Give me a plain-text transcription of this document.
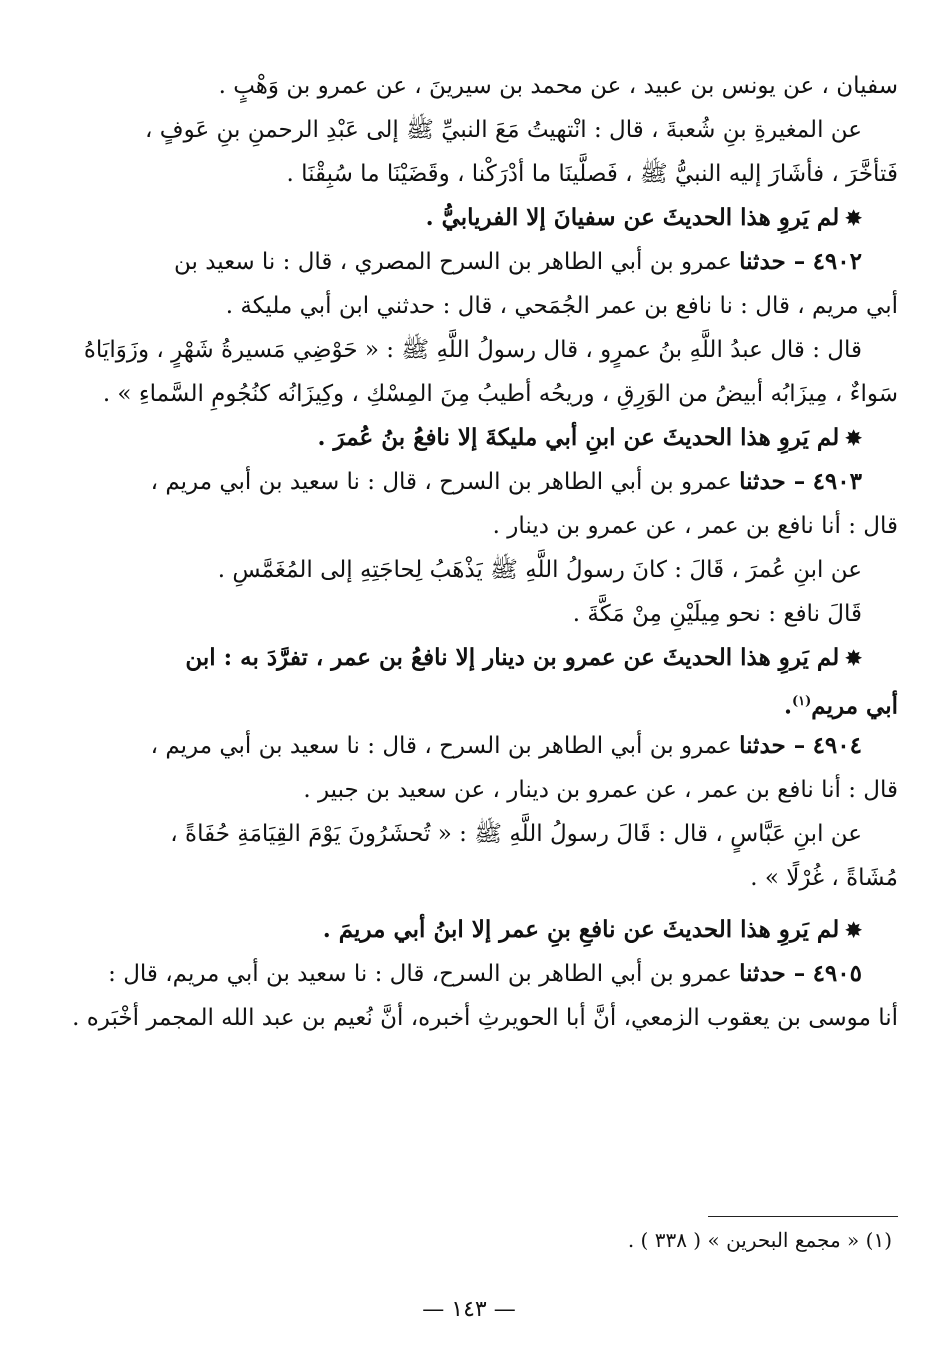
سفيان ، عن يونس بن عبيد ، عن محمد بن سيرينَ ، عن عمرو بن وَهْبٍ .
عن المغيرةِ بنِ شُعبةَ ، قال : انْتهيتُ مَعَ النبيِّ ﷺ إلى عَبْدِ الرحمنِ بنِ عَوفٍ ،
فَتأخَّرَ ، فأشَارَ إليه النبيُّ ﷺ ، فَصلَّينَا ما أدْرَكْنا ، وقَضَيْنَا ما سُبِقْنَا .
✸لم يَروِ هذا الحديثَ عن سفيانَ إلا الفريابيُّ .
٤٩٠٢ – حدثنا عمرو بن أبي الطاهر بن السرح المصري ، قال : نا سعيد بن
أبي مريم ، قال : نا نافع بن عمر الجُمَحي ، قال : حدثني ابن أبي مليكة .
قال : قال عبدُ اللَّهِ بنُ عمرٍو ، قال رسولُ اللَّهِ ﷺ : « حَوْضِي مَسيرةُ شَهْرٍ ، وزَوَايَاهُ
سَواءٌ ، مِيزَابُه أبيضُ من الوَرِقِ ، وريحُه أطيبُ مِنَ المِسْكِ ، وكِيزَانُه كنُجُومِ السَّماءِ » .
✸لم يَروِ هذا الحديثَ عن ابنِ أبي مليكةَ إلا نافعُ بنُ عُمرَ .
٤٩٠٣ – حدثنا عمرو بن أبي الطاهر بن السرح ، قال : نا سعيد بن أبي مريم ،
قال : أنا نافع بن عمر ، عن عمرو بن دينار .
عن ابنِ عُمرَ ، قَالَ : كانَ رسولُ اللَّهِ ﷺ يَذْهَبُ لِحاجَتِهِ إلى المُغَمَّسِ .
قَالَ نافع : نحو مِيلَيْنِ مِنْ مَكَّةَ .
✸لم يَروِ هذا الحديثَ عن عمرو بن دينار إلا نافعُ بن عمر ، تفرَّدَ به : ابن
أبي مريم$^{(١)}$.
٤٩٠٤ – حدثنا عمرو بن أبي الطاهر بن السرح ، قال : نا سعيد بن أبي مريم ،
قال : أنا نافع بن عمر ، عن عمرو بن دينار ، عن سعيد بن جبير .
عن ابنِ عَبَّاسٍ ، قال : قَالَ رسولُ اللَّهِ ﷺ : « تُحشَرُونَ يَوْمَ القِيَامَةِ حُفَاةً ،
مُشَاةً ، غُرْلًا » .
✸لم يَروِ هذا الحديثَ عن نافعِ بنِ عمر إلا ابنُ أبي مريمَ .
٤٩٠٥ – حدثنا عمرو بن أبي الطاهر بن السرح، قال : نا سعيد بن أبي مريم، قال :
أنا موسى بن يعقوب الزمعي، أنَّ أبا الحويرثِ أخبره، أنَّ نُعيم بن عبد الله المجمر أخْبَره .
(١) « مجمع البحرين » ( ٣٣٨ ) .
— ١٤٣ —
